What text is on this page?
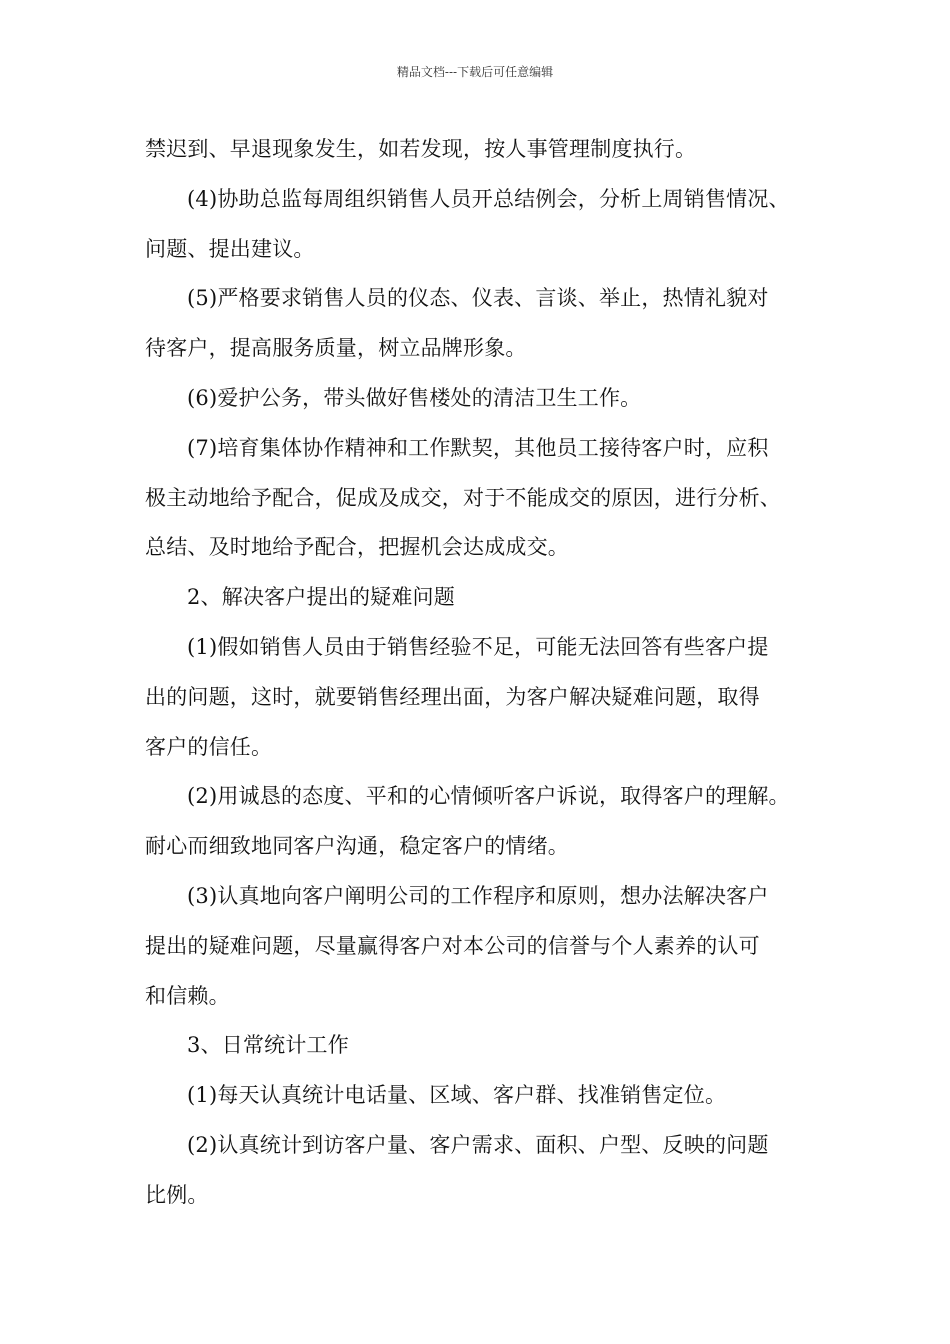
精品文档---下载后可任意编辑
禁迟到、早退现象发生，如若发现，按人事管理制度执行。
(4)协助总监每周组织销售人员开总结例会，分析上周销售情况、
问题、提出建议。
(5)严格要求销售人员的仪态、仪表、言谈、举止，热情礼貌对
待客户，提高服务质量，树立品牌形象。
(6)爱护公务，带头做好售楼处的清洁卫生工作。
(7)培育集体协作精神和工作默契，其他员工接待客户时，应积
极主动地给予配合，促成及成交，对于不能成交的原因，进行分析、
总结、及时地给予配合，把握机会达成成交。
2、解决客户提出的疑难问题
(1)假如销售人员由于销售经验不足，可能无法回答有些客户提
出的问题，这时，就要销售经理出面，为客户解决疑难问题，取得
客户的信任。
(2)用诚恳的态度、平和的心情倾听客户诉说，取得客户的理解。
耐心而细致地同客户沟通，稳定客户的情绪。
(3)认真地向客户阐明公司的工作程序和原则，想办法解决客户
提出的疑难问题，尽量赢得客户对本公司的信誉与个人素养的认可
和信赖。
3、日常统计工作
(1)每天认真统计电话量、区域、客户群、找准销售定位。
(2)认真统计到访客户量、客户需求、面积、户型、反映的问题
比例。
